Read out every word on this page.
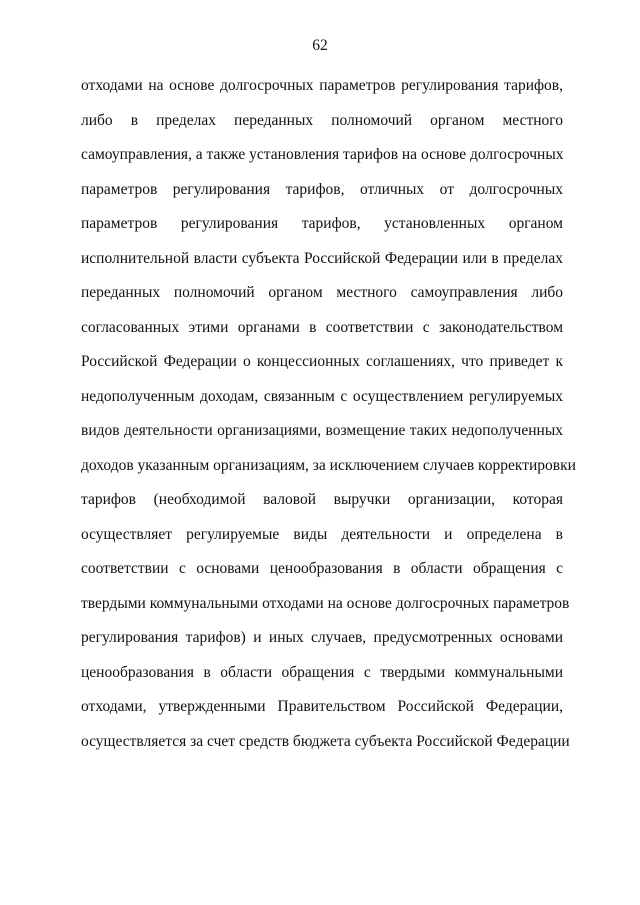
62
отходами на основе долгосрочных параметров регулирования тарифов,
либо в пределах переданных полномочий органом местного
самоуправления, а также установления тарифов на основе долгосрочных
параметров регулирования тарифов, отличных от долгосрочных
параметров регулирования тарифов, установленных органом
исполнительной власти субъекта Российской Федерации или в пределах
переданных полномочий органом местного самоуправления либо
согласованных этими органами в соответствии с законодательством
Российской Федерации о концессионных соглашениях, что приведет к
недополученным доходам, связанным с осуществлением регулируемых
видов деятельности организациями, возмещение таких недополученных
доходов указанным организациям, за исключением случаев корректировки
тарифов (необходимой валовой выручки организации, которая
осуществляет регулируемые виды деятельности и определена в
соответствии с основами ценообразования в области обращения с
твердыми коммунальными отходами на основе долгосрочных параметров
регулирования тарифов) и иных случаев, предусмотренных основами
ценообразования в области обращения с твердыми коммунальными
отходами, утвержденными Правительством Российской Федерации,
осуществляется за счет средств бюджета субъекта Российской Федерации
